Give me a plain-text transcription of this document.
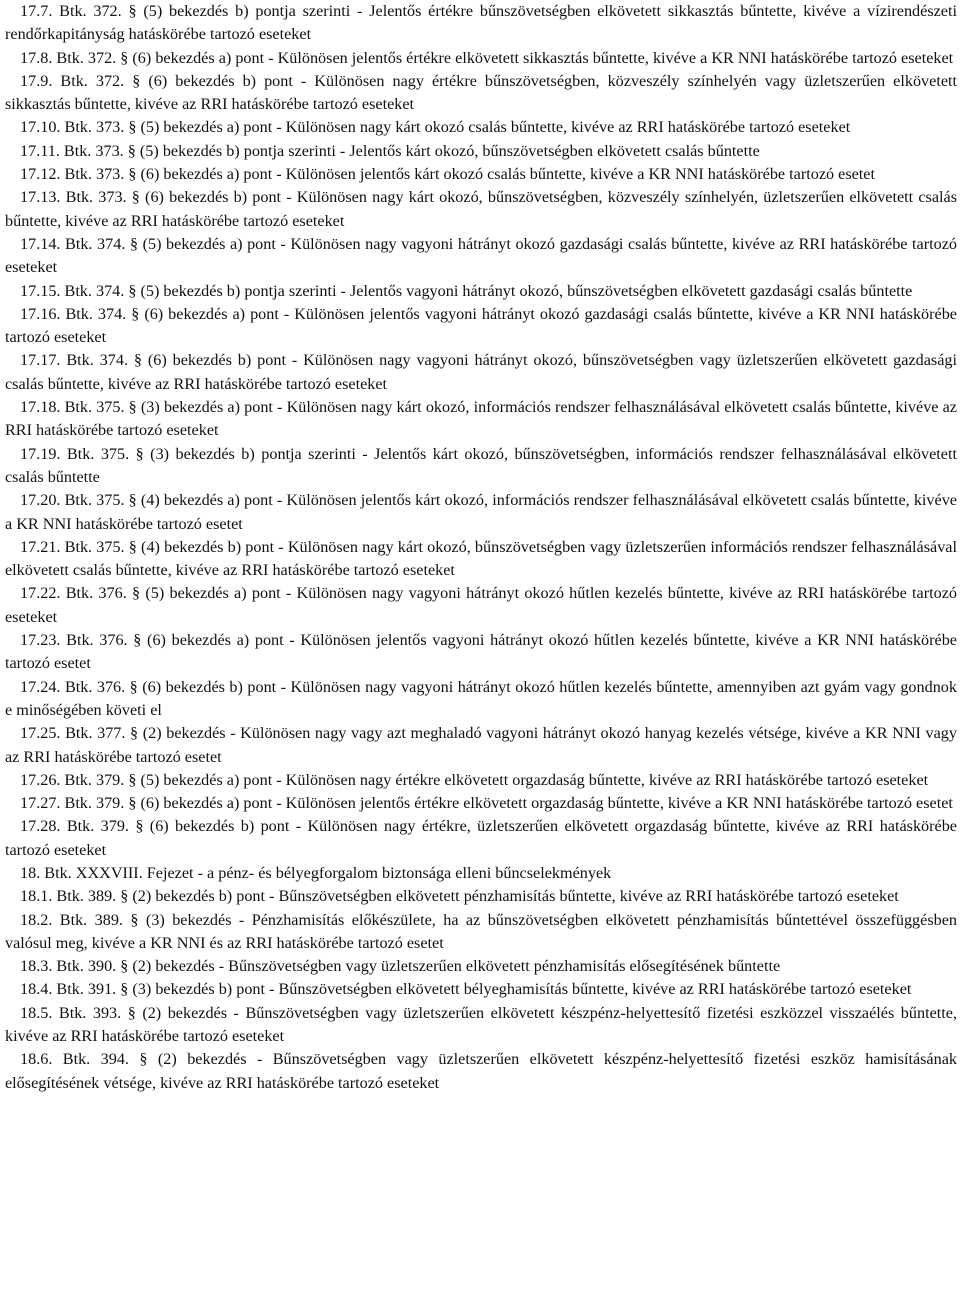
17.7. Btk. 372. § (5) bekezdés b) pontja szerinti - Jelentős értékre bűnszövetségben elkövetett sikkasztás bűntette, kivéve a vízirendészeti rendőrkapitányság hatáskörébe tartozó eseteket

17.8. Btk. 372. § (6) bekezdés a) pont - Különösen jelentős értékre elkövetett sikkasztás bűntette, kivéve a KR NNI hatáskörébe tartozó eseteket

17.9. Btk. 372. § (6) bekezdés b) pont - Különösen nagy értékre bűnszövetségben, közveszély színhelyén vagy üzletszerűen elkövetett sikkasztás bűntette, kivéve az RRI hatáskörébe tartozó eseteket

17.10. Btk. 373. § (5) bekezdés a) pont - Különösen nagy kárt okozó csalás bűntette, kivéve az RRI hatáskörébe tartozó eseteket

17.11. Btk. 373. § (5) bekezdés b) pontja szerinti - Jelentős kárt okozó, bűnszövetségben elkövetett csalás bűntette

17.12. Btk. 373. § (6) bekezdés a) pont - Különösen jelentős kárt okozó csalás bűntette, kivéve a KR NNI hatáskörébe tartozó esetet

17.13. Btk. 373. § (6) bekezdés b) pont - Különösen nagy kárt okozó, bűnszövetségben, közveszély színhelyén, üzletszerűen elkövetett csalás bűntette, kivéve az RRI hatáskörébe tartozó eseteket

17.14. Btk. 374. § (5) bekezdés a) pont - Különösen nagy vagyoni hátrányt okozó gazdasági csalás bűntette, kivéve az RRI hatáskörébe tartozó eseteket

17.15. Btk. 374. § (5) bekezdés b) pontja szerinti - Jelentős vagyoni hátrányt okozó, bűnszövetségben elkövetett gazdasági csalás bűntette

17.16. Btk. 374. § (6) bekezdés a) pont - Különösen jelentős vagyoni hátrányt okozó gazdasági csalás bűntette, kivéve a KR NNI hatáskörébe tartozó eseteket

17.17. Btk. 374. § (6) bekezdés b) pont - Különösen nagy vagyoni hátrányt okozó, bűnszövetségben vagy üzletszerűen elkövetett gazdasági csalás bűntette, kivéve az RRI hatáskörébe tartozó eseteket

17.18. Btk. 375. § (3) bekezdés a) pont - Különösen nagy kárt okozó, információs rendszer felhasználásával elkövetett csalás bűntette, kivéve az RRI hatáskörébe tartozó eseteket

17.19. Btk. 375. § (3) bekezdés b) pontja szerinti - Jelentős kárt okozó, bűnszövetségben, információs rendszer felhasználásával elkövetett csalás bűntette

17.20. Btk. 375. § (4) bekezdés a) pont - Különösen jelentős kárt okozó, információs rendszer felhasználásával elkövetett csalás bűntette, kivéve a KR NNI hatáskörébe tartozó esetet

17.21. Btk. 375. § (4) bekezdés b) pont - Különösen nagy kárt okozó, bűnszövetségben vagy üzletszerűen információs rendszer felhasználásával elkövetett csalás bűntette, kivéve az RRI hatáskörébe tartozó eseteket

17.22. Btk. 376. § (5) bekezdés a) pont - Különösen nagy vagyoni hátrányt okozó hűtlen kezelés bűntette, kivéve az RRI hatáskörébe tartozó eseteket

17.23. Btk. 376. § (6) bekezdés a) pont - Különösen jelentős vagyoni hátrányt okozó hűtlen kezelés bűntette, kivéve a KR NNI hatáskörébe tartozó esetet

17.24. Btk. 376. § (6) bekezdés b) pont - Különösen nagy vagyoni hátrányt okozó hűtlen kezelés bűntette, amennyiben azt gyám vagy gondnok e minőségében követi el

17.25. Btk. 377. § (2) bekezdés - Különösen nagy vagy azt meghaladó vagyoni hátrányt okozó hanyag kezelés vétsége, kivéve a KR NNI vagy az RRI hatáskörébe tartozó esetet

17.26. Btk. 379. § (5) bekezdés a) pont - Különösen nagy értékre elkövetett orgazdaság bűntette, kivéve az RRI hatáskörébe tartozó eseteket

17.27. Btk. 379. § (6) bekezdés a) pont - Különösen jelentős értékre elkövetett orgazdaság bűntette, kivéve a KR NNI hatáskörébe tartozó esetet

17.28. Btk. 379. § (6) bekezdés b) pont - Különösen nagy értékre, üzletszerűen elkövetett orgazdaság bűntette, kivéve az RRI hatáskörébe tartozó eseteket

18. Btk. XXXVIII. Fejezet - a pénz- és bélyegforgalom biztonsága elleni bűncselekmények

18.1. Btk. 389. § (2) bekezdés b) pont - Bűnszövetségben elkövetett pénzhamisítás bűntette, kivéve az RRI hatáskörébe tartozó eseteket

18.2. Btk. 389. § (3) bekezdés - Pénzhamisítás előkészülete, ha az bűnszövetségben elkövetett pénzhamisítás bűntettével összefüggésben valósul meg, kivéve a KR NNI és az RRI hatáskörébe tartozó esetet

18.3. Btk. 390. § (2) bekezdés - Bűnszövetségben vagy üzletszerűen elkövetett pénzhamisítás elősegítésének bűntette

18.4. Btk. 391. § (3) bekezdés b) pont - Bűnszövetségben elkövetett bélyeghamisítás bűntette, kivéve az RRI hatáskörébe tartozó eseteket

18.5. Btk. 393. § (2) bekezdés - Bűnszövetségben vagy üzletszerűen elkövetett készpénz-helyettesítő fizetési eszközzel visszaélés bűntette, kivéve az RRI hatáskörébe tartozó eseteket

18.6. Btk. 394. § (2) bekezdés - Bűnszövetségben vagy üzletszerűen elkövetett készpénz-helyettesítő fizetési eszköz hamisításának elősegítésének vétsége, kivéve az RRI hatáskörébe tartozó eseteket
